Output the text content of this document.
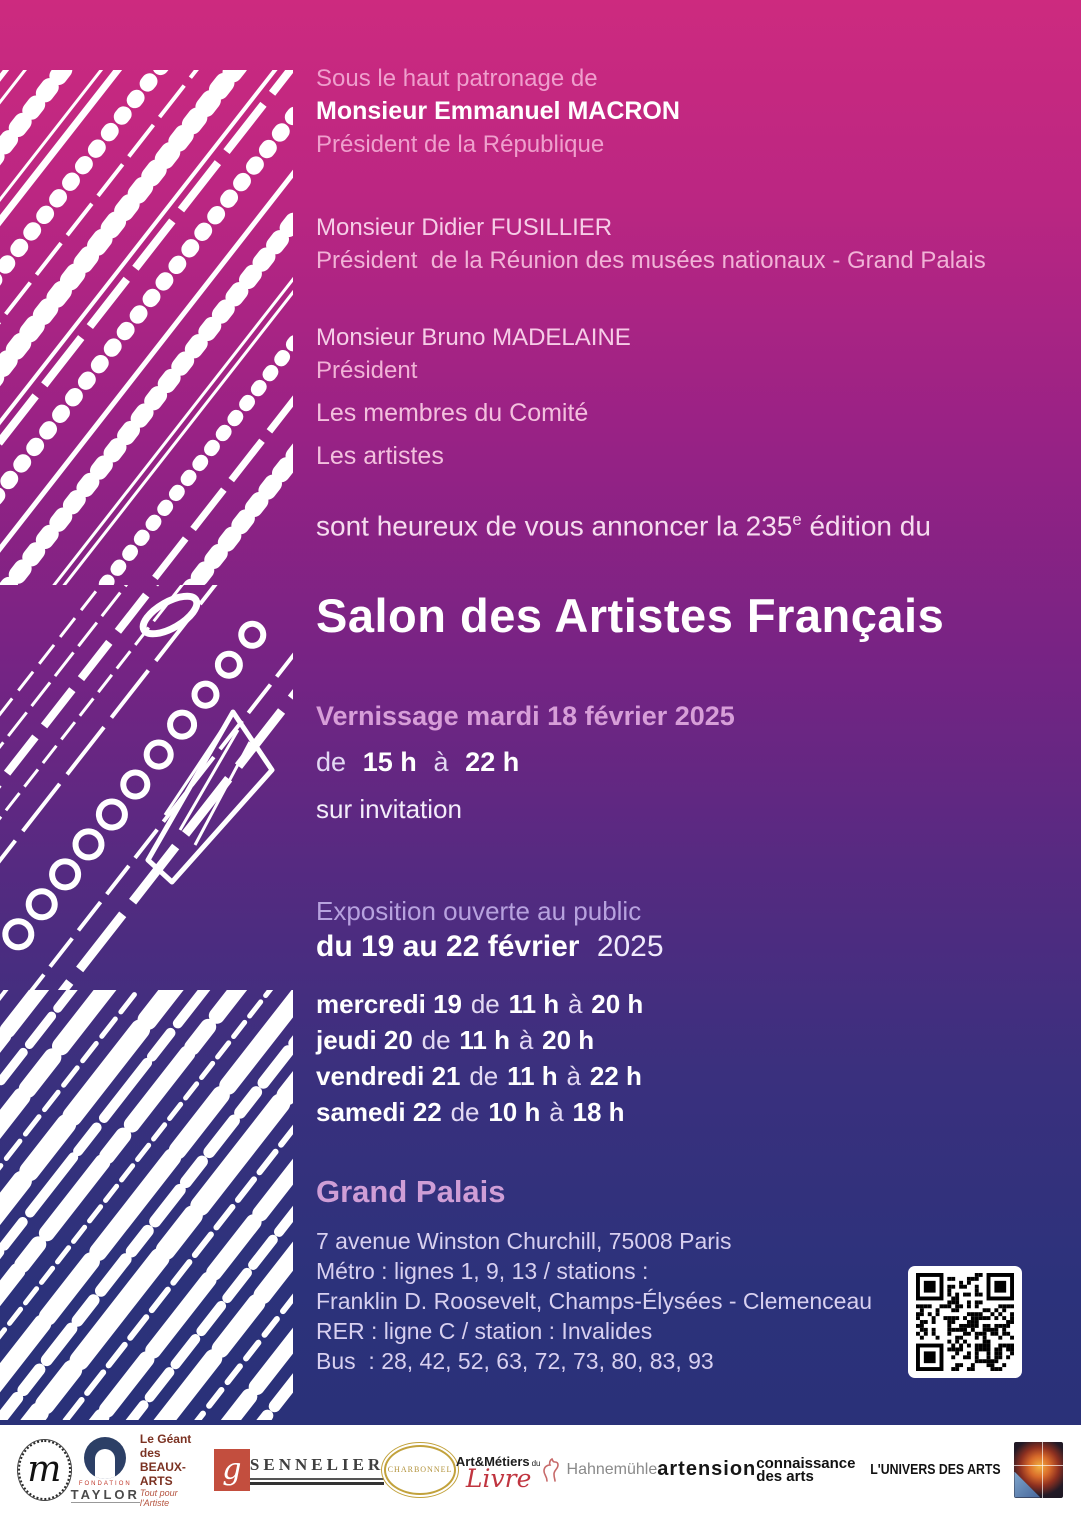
Sous le haut patronage de
Monsieur Emmanuel MACRON
Président de la République
Monsieur Didier FUSILLIER
Président  de la Réunion des musées nationaux - Grand Palais
Monsieur Bruno MADELAINE
Président
Les membres du Comité
Les artistes
sont heureux de vous annoncer la 235e édition du
Salon des Artistes Français
Vernissage mardi 18 février 2025
de 15 h à 22 h
sur invitation
Exposition ouverte au public
du 19 au 22 février 2025
mercredi 19 de 11 h à 20 h
jeudi 20 de 11 h à 20 h
vendredi 21 de 11 h à 22 h
samedi 22 de 10 h à 18 h
Grand Palais
7 avenue Winston Churchill, 75008 Paris
Métro : lignes 1, 9, 13 / stations :
Franklin D. Roosevelt, Champs-Élysées - Clemenceau
RER : ligne C / station : Invalides
Bus  : 28, 42, 52, 63, 72, 73, 80, 83, 93
m	FONDATION
TAYLOR
Le Géant des
BEAUX-ARTS
Tout pour l'Artiste
g SENNELIER CHARBONNEL
Art&Métiers du
Livre Hahnemühle artension connaissance
des arts	L'UNIVERS DES ARTS
